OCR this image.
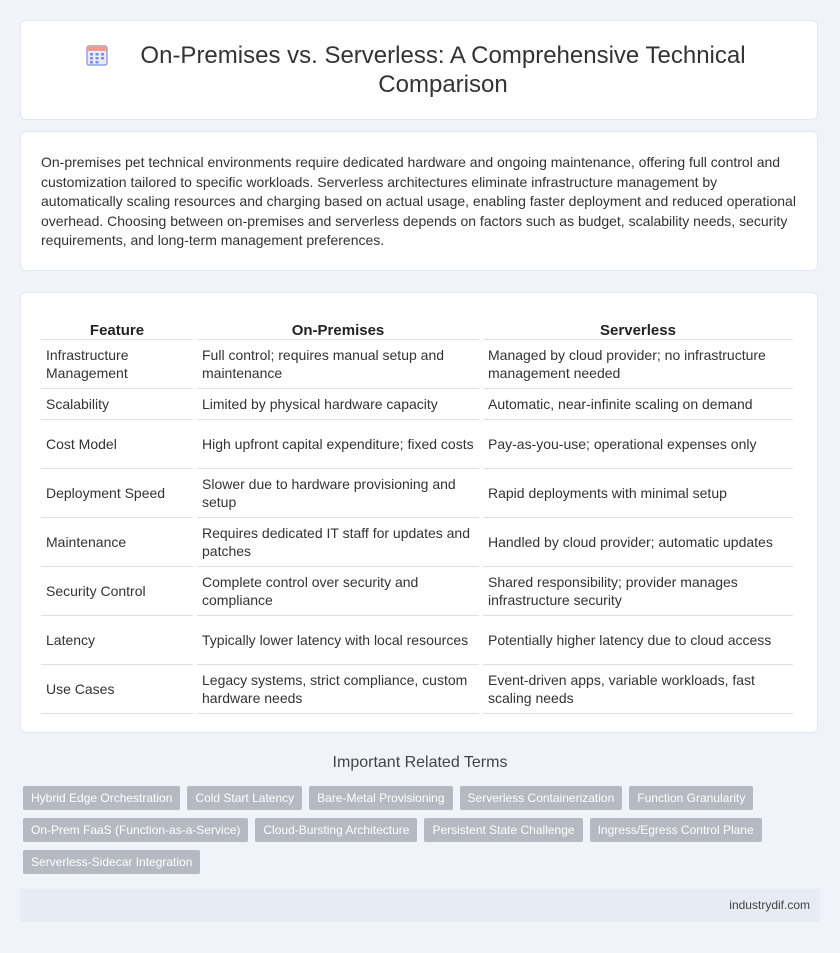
On-Premises vs. Serverless: A Comprehensive Technical Comparison

On-premises pet technical environments require dedicated hardware and ongoing maintenance, offering full control and customization tailored to specific workloads. Serverless architectures eliminate infrastructure management by automatically scaling resources and charging based on actual usage, enabling faster deployment and reduced operational overhead. Choosing between on-premises and serverless depends on factors such as budget, scalability needs, security requirements, and long-term management preferences.

Feature	On-Premises	Serverless
Infrastructure Management	Full control; requires manual setup and maintenance	Managed by cloud provider; no infrastructure management needed
Scalability	Limited by physical hardware capacity	Automatic, near-infinite scaling on demand
Cost Model	High upfront capital expenditure; fixed costs	Pay-as-you-use; operational expenses only
Deployment Speed	Slower due to hardware provisioning and setup	Rapid deployments with minimal setup
Maintenance	Requires dedicated IT staff for updates and patches	Handled by cloud provider; automatic updates
Security Control	Complete control over security and compliance	Shared responsibility; provider manages infrastructure security
Latency	Typically lower latency with local resources	Potentially higher latency due to cloud access
Use Cases	Legacy systems, strict compliance, custom hardware needs	Event-driven apps, variable workloads, fast scaling needs
Important Related Terms
Hybrid Edge Orchestration	Cold Start Latency	Bare-Metal Provisioning	Serverless Containerization	Function Granularity
On-Prem FaaS (Function-as-a-Service)	Cloud-Bursting Architecture	Persistent State Challenge	Ingress/Egress Control Plane
Serverless-Sidecar Integration
industrydif.com
